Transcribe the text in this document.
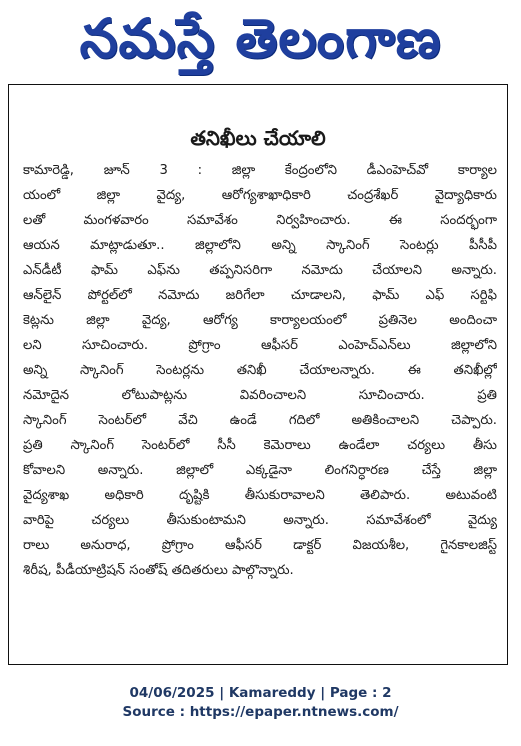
నమస్తే తెలంగాణ
తనిఖీలు చేయాలి
కామారెడ్డి, జూన్ 3 : జిల్లా కేంద్రంలోని డీఎంహెచ్‌వో కార్యాల
యంలో జిల్లా వైద్య, ఆరోగ్యశాఖాధికారి చంద్రశేఖర్ వైద్యాధికారు
లతో మంగళవారం సమావేశం నిర్వహించారు. ఈ సందర్భంగా
ఆయన మాట్లాడుతూ.. జిల్లాలోని అన్ని స్కానింగ్ సెంటర్లు పీసీపీ
ఎన్‌డీటీ ఫామ్ ఎఫ్‌ను తప్పనిసరిగా నమోదు చేయాలని అన్నారు.
ఆన్‌లైన్ పోర్టల్‌లో నమోదు జరిగేలా చూడాలని, ఫామ్ ఎఫ్ సర్టిఫి
కెట్లను జిల్లా వైద్య, ఆరోగ్య కార్యాలయంలో ప్రతినెల అందించా
లని సూచించారు. ప్రోగ్రాం ఆఫీసర్ ఎంహెచ్ఎన్‌లు జిల్లాలోని
అన్ని స్కానింగ్ సెంటర్లను తనిఖీ చేయాలన్నారు. ఈ తనిఖీల్లో
నమోదైన లోటుపాట్లను వివరించాలని సూచించారు. ప్రతి
స్కానింగ్ సెంటర్‌లో వేచి ఉండే గదిలో అతికించాలని చెప్పారు.
ప్రతి స్కానింగ్ సెంటర్‌లో సీసీ కెమెరాలు ఉండేలా చర్యలు తీసు
కోవాలని అన్నారు. జిల్లాలో ఎక్కడైనా లింగనిర్ధారణ చేస్తే జిల్లా
వైద్యశాఖ అధికారి దృష్టికి తీసుకురావాలని తెలిపారు. అటువంటి
వారిపై చర్యలు తీసుకుంటామని అన్నారు. సమావేశంలో వైద్యు
రాలు అనురాధ, ప్రోగ్రాం ఆఫీసర్ డాక్టర్ విజయశీల, గైనకాలజిస్ట్
శిరీష, పీడీయాట్రిషన్ సంతోష్ తదితరులు పాల్గొన్నారు.
04/06/2025 | Kamareddy | Page : 2
Source : https://epaper.ntnews.com/
